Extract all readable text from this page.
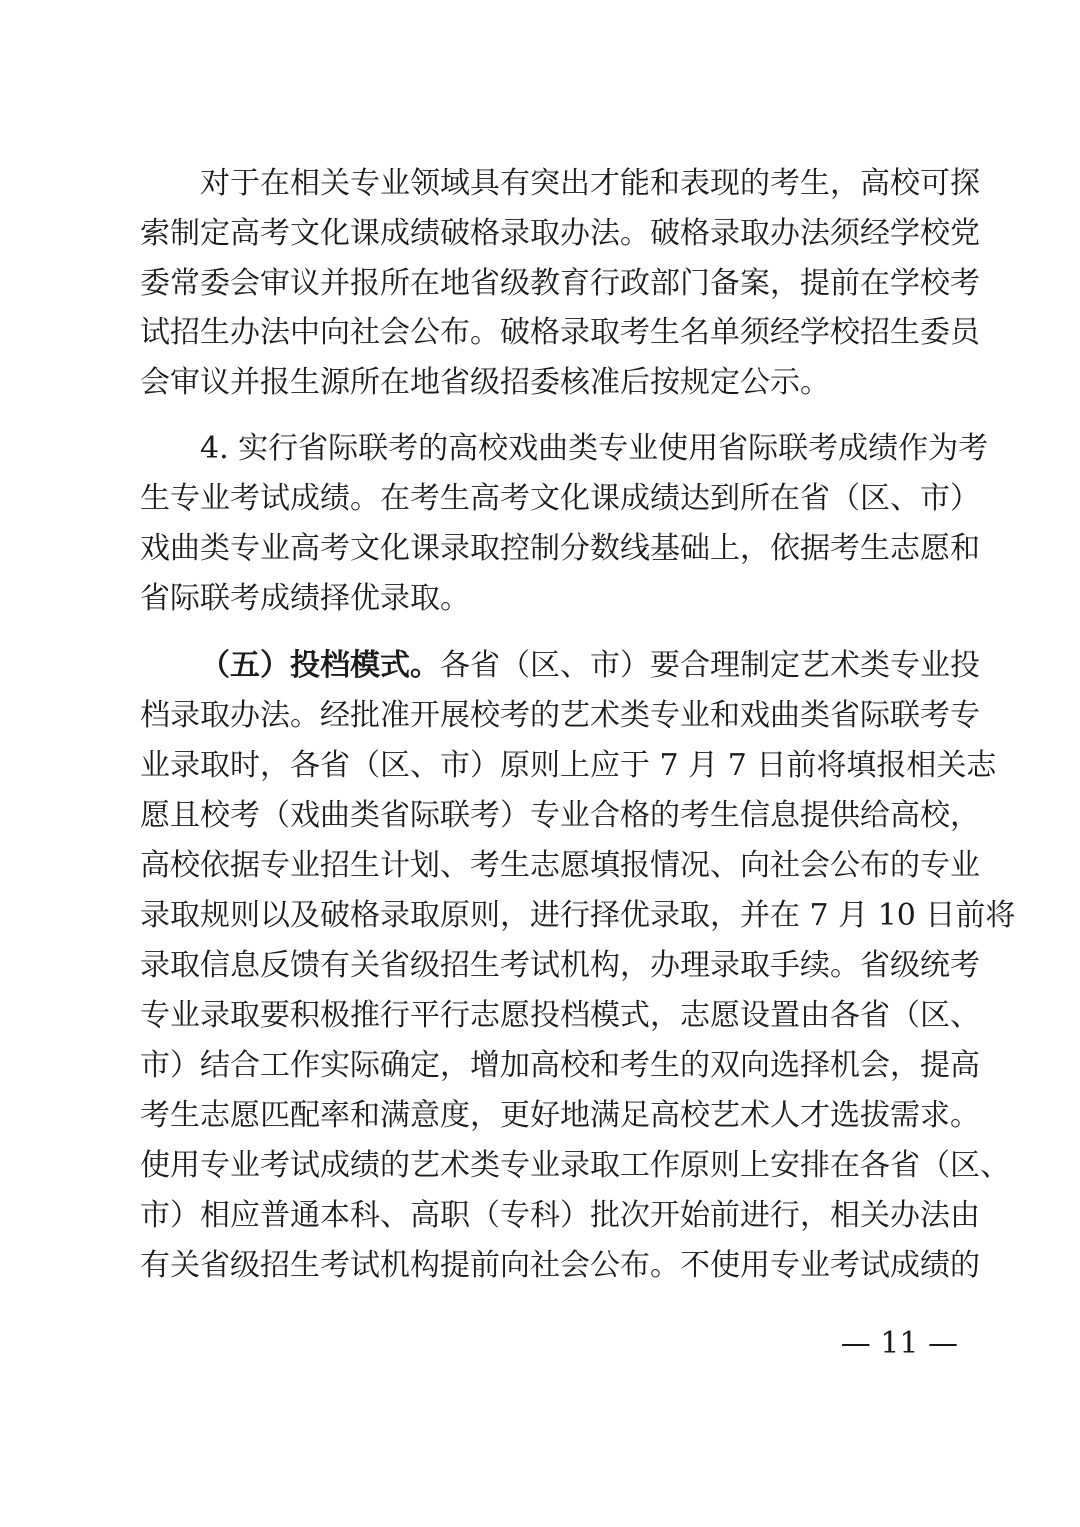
对于在相关专业领域具有突出才能和表现的考生，高校可探
索制定高考文化课成绩破格录取办法。破格录取办法须经学校党
委常委会审议并报所在地省级教育行政部门备案，提前在学校考
试招生办法中向社会公布。破格录取考生名单须经学校招生委员
会审议并报生源所在地省级招委核准后按规定公示。
4. 实行省际联考的高校戏曲类专业使用省际联考成绩作为考
生专业考试成绩。在考生高考文化课成绩达到所在省（区、市）
戏曲类专业高考文化课录取控制分数线基础上，依据考生志愿和
省际联考成绩择优录取。
（五）投档模式。各省（区、市）要合理制定艺术类专业投
档录取办法。经批准开展校考的艺术类专业和戏曲类省际联考专
业录取时，各省（区、市）原则上应于 7 月 7 日前将填报相关志
愿且校考（戏曲类省际联考）专业合格的考生信息提供给高校，
高校依据专业招生计划、考生志愿填报情况、向社会公布的专业
录取规则以及破格录取原则，进行择优录取，并在 7 月 10 日前将
录取信息反馈有关省级招生考试机构，办理录取手续。省级统考
专业录取要积极推行平行志愿投档模式，志愿设置由各省（区、
市）结合工作实际确定，增加高校和考生的双向选择机会，提高
考生志愿匹配率和满意度，更好地满足高校艺术人才选拔需求。
使用专业考试成绩的艺术类专业录取工作原则上安排在各省（区、
市）相应普通本科、高职（专科）批次开始前进行，相关办法由
有关省级招生考试机构提前向社会公布。不使用专业考试成绩的
— 11 —
